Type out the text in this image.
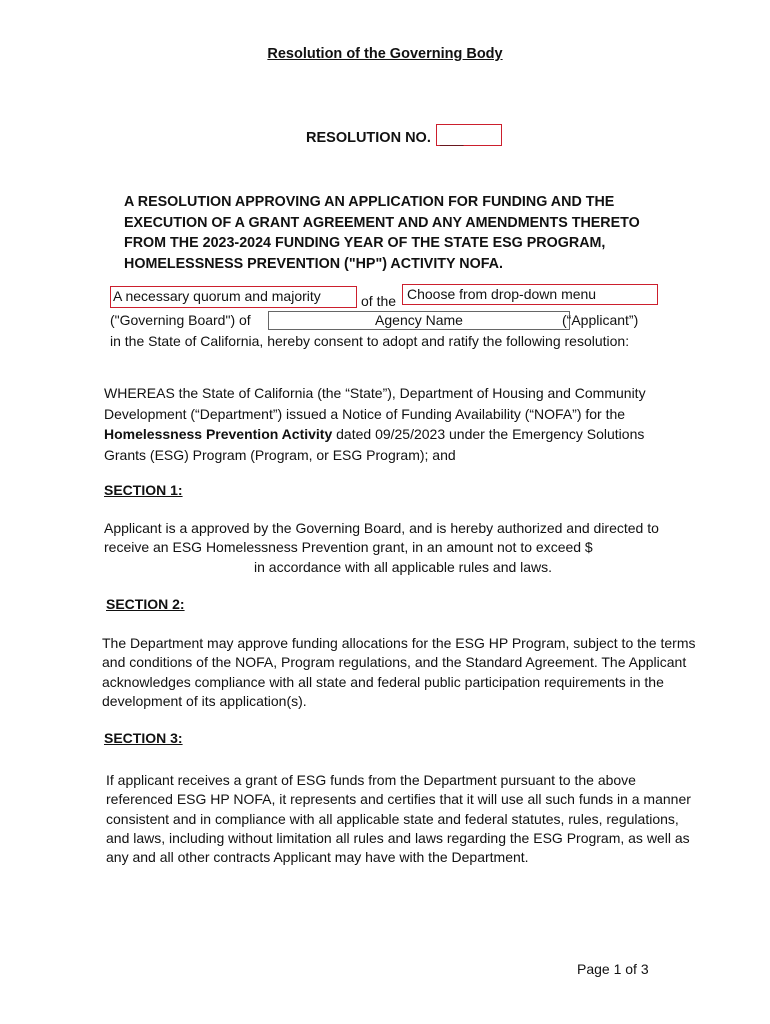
Resolution of the Governing Body
RESOLUTION NO. ___
A RESOLUTION APPROVING AN APPLICATION FOR FUNDING AND THE EXECUTION OF A GRANT AGREEMENT AND ANY AMENDMENTS THERETO FROM THE 2023-2024 FUNDING YEAR OF THE STATE ESG PROGRAM, HOMELESSNESS PREVENTION ("HP") ACTIVITY NOFA.
A necessary quorum and majority	of the Choose from drop-down menu
("Governing Board") of	Agency Name	(“Applicant”)
in the State of California, hereby consent to adopt and ratify the following resolution:
WHEREAS the State of California (the “State”), Department of Housing and Community Development (“Department”) issued a Notice of Funding Availability (“NOFA”) for the Homelessness Prevention Activity dated 09/25/2023 under the Emergency Solutions Grants (ESG) Program (Program, or ESG Program); and
SECTION 1:
Applicant is a approved by the Governing Board, and is hereby authorized and directed to receive an ESG Homelessness Prevention grant, in an amount not to exceed $in accordance with all applicable rules and laws.
SECTION 2:
The Department may approve funding allocations for the ESG HP Program, subject to the terms and conditions of the NOFA, Program regulations, and the Standard Agreement. The Applicant acknowledges compliance with all state and federal public participation requirements in the development of its application(s).
SECTION 3:
If applicant receives a grant of ESG funds from the Department pursuant to the above referenced ESG HP NOFA, it represents and certifies that it will use all such funds in a manner consistent and in compliance with all applicable state and federal statutes, rules, regulations, and laws, including without limitation all rules and laws regarding the ESG Program, as well as any and all other contracts Applicant may have with the Department.
Page 1 of 3
